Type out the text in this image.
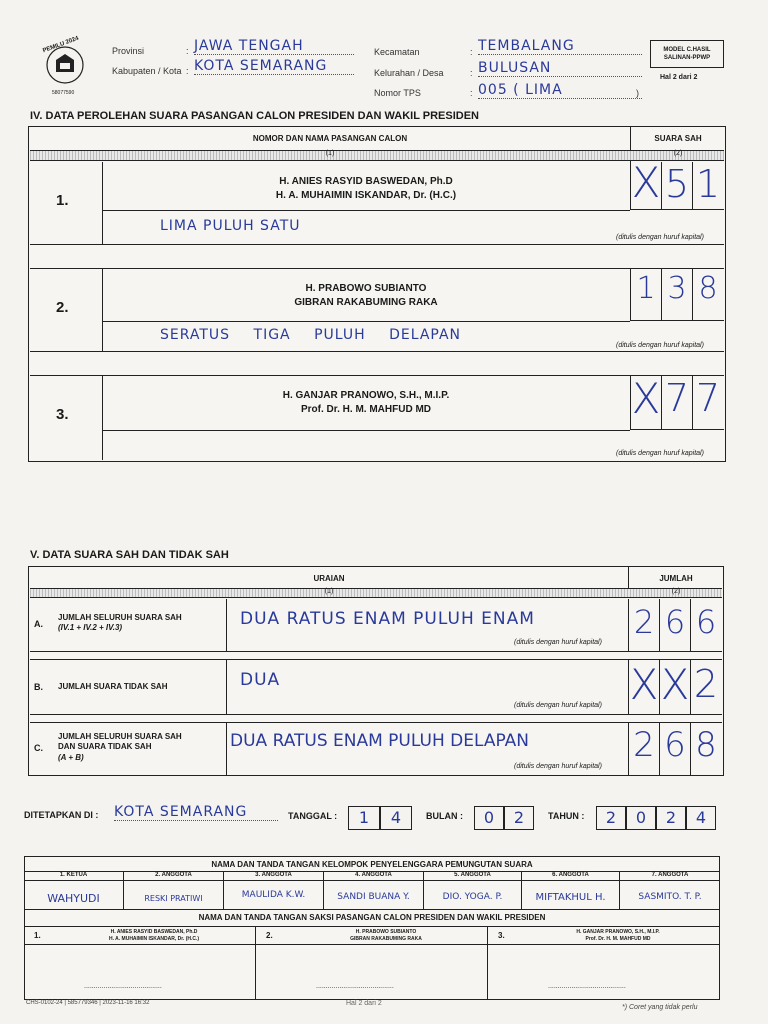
PEMILU 2024
58077590
Provinsi	: JAWA TENGAH
Kabupaten / Kota : KOTA SEMARANG
Kecamatan	: TEMBALANG
Kelurahan / Desa	: BULUSAN
Nomor TPS	: 005 ( LIMA	)
MODEL C.HASIL
SALINAN-PPWP
Hal 2 dari 2
IV. DATA PEROLEHAN SUARA PASANGAN CALON PRESIDEN DAN WAKIL PRESIDEN
NOMOR DAN NAMA PASANGAN CALON	SUARA SAH
(1)	(2)
1.
H. ANIES RASYID BASWEDAN, Ph.D
H. A. MUHAIMIN ISKANDAR, Dr. (H.C.)
LIMA PULUH SATU
(ditulis dengan huruf kapital)
X 5 1
2.
H. PRABOWO SUBIANTO
GIBRAN RAKABUMING RAKA
SERATUS TIGA PULUH DELAPAN
(ditulis dengan huruf kapital)
1 3 8
3.
H. GANJAR PRANOWO, S.H., M.I.P.
Prof. Dr. H. M. MAHFUD MD
(ditulis dengan huruf kapital)
X 7 7
V. DATA SUARA SAH DAN TIDAK SAH
URAIAN	JUMLAH
(1)	(2)
A.
JUMLAH SELURUH SUARA SAH
(IV.1 + IV.2 + IV.3)	DUA RATUS ENAM PULUH ENAM
(ditulis dengan huruf kapital)
2 6 6
B. JUMLAH SUARA TIDAK SAH	DUA
(ditulis dengan huruf kapital) X X 2
C.
JUMLAH SELURUH SUARA SAH
DAN SUARA TIDAK SAH
(A + B)
DUA RATUS ENAM PULUH DELAPAN
(ditulis dengan huruf kapital)
2 6 8
DITETAPKAN DI : KOTA SEMARANG	TANGGAL :	1	4	BULAN :	0	2	TAHUN :	2	0	2	4
NAMA DAN TANDA TANGAN KELOMPOK PENYELENGGARA PEMUNGUTAN SUARA
1. KETUA
WAHYUDI
2. ANGGOTA
RESKI PRATIWI
3. ANGGOTA
MAULIDA K.W.
4. ANGGOTA
SANDI BUANA Y.
5. ANGGOTA
DIO. YOGA. P.
6. ANGGOTA
MIFTAKHUL H.
7. ANGGOTA
SASMITO. T. P.
NAMA DAN TANDA TANGAN SAKSI PASANGAN CALON PRESIDEN DAN WAKIL PRESIDEN
1.	H. ANIES RASYID BASWEDAN, Ph.D
H. A. MUHAIMIN ISKANDAR, Dr. (H.C.)
........................................
2.	H. PRABOWO SUBIANTO
GIBRAN RAKABUMING RAKA
........................................
3.	H. GANJAR PRANOWO, S.H., M.I.P.
Prof. Dr. H. M. MAHFUD MD
........................................
CHS-0102-24 | 585779346 | 2023-11-16 16:32	Hal 2 dari 2
*) Coret yang tidak perlu
